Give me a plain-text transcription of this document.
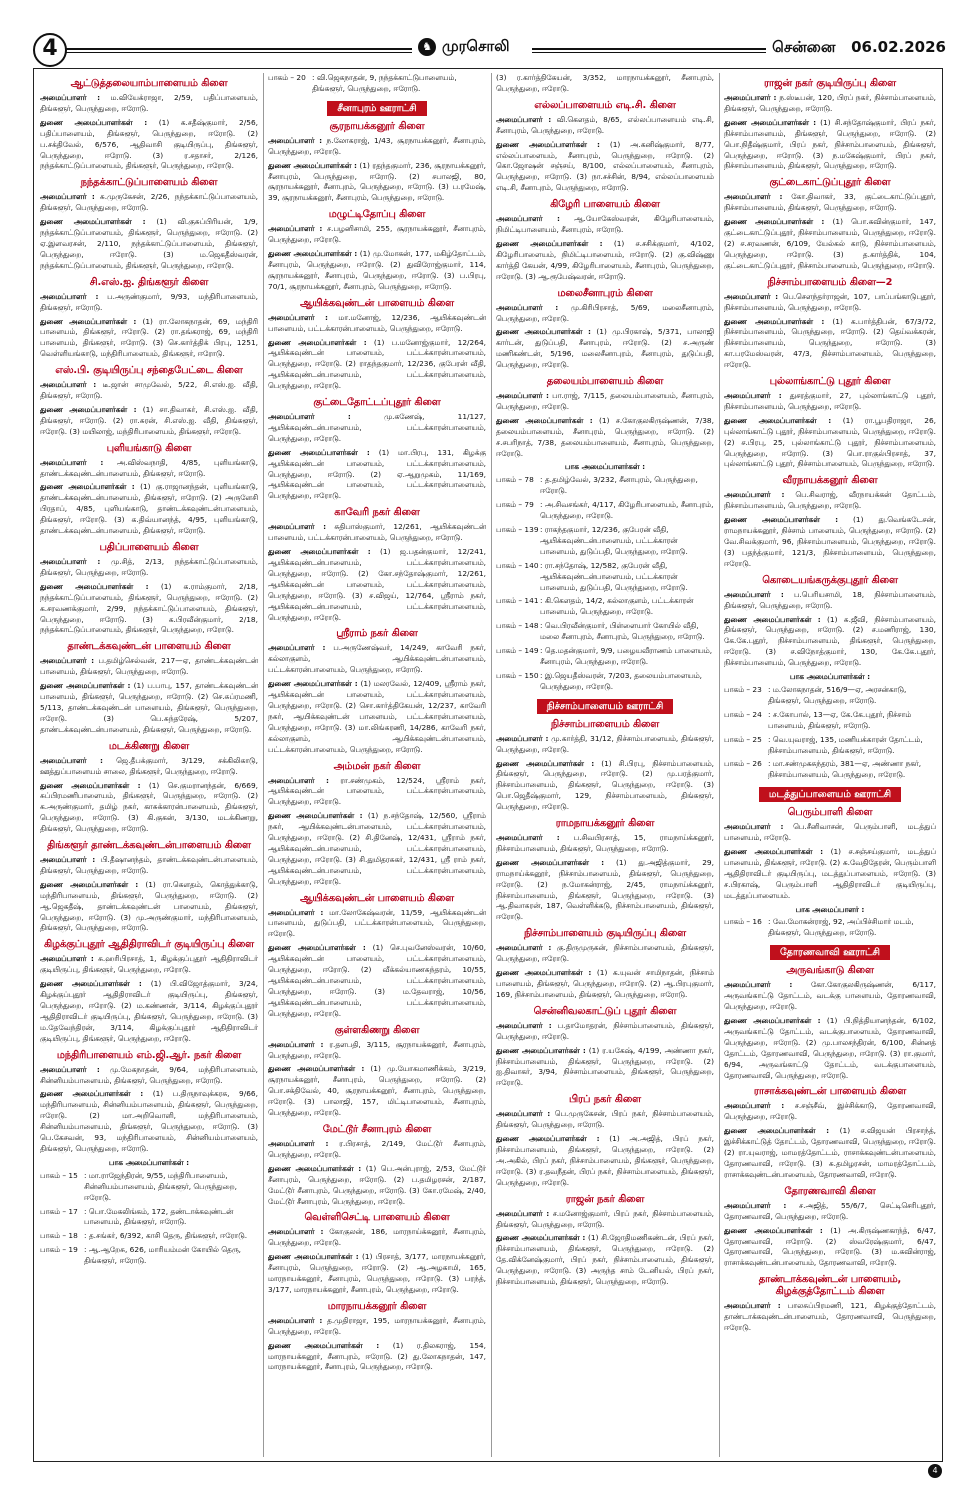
4	♞ முரசொலி	சென்னை 06.02.2026
ஆட்டுத்தலையாம்பாளையம் கிளை
அமைப்பாளர் : ம.வியேக்ராஜா, 2/59, பதிப்பாளையம், திங்களூர், பெருந்துறை, ஈரோடு.
துணை அமைப்பாளர்கள் : (1) க.சதீஷ்குமார், 2/56, பதிப்பாளையம், திங்களூர், பெருந்துறை, ஈரோடு. (2) ப.சக்திவேல், 6/576, ஆதிவாசி குடியிருப்பு, திங்களூர், பெருந்துறை, ஈரோடு. (3) ர.சதாசர், 2/126, நந்தக்காட்டுப்பாளையம், திங்களூர், பெருந்துறை, ஈரோடு.
நந்தக்காட்டுப்பாளையம் கிளை
அமைப்பாளர் : சு.முருகேசன், 2/26, நந்தக்காட்டுப்பாளையம், திங்களூர், பெருந்துறை, ஈரோடு.
துணை அமைப்பாளர்கள் : (1) வி.குசுப்பிரியன், 1/9, நந்தக்காட்டுப்பாளையம், திங்களூர், பெருந்துறை, ஈரோடு. (2) ஏ.இளவரசன், 2/110, நந்தக்காட்டுப்பாளையம், திங்களூர், பெருந்துறை, ஈரோடு. (3) ம.ஜெகதீஸ்வரன், நந்தக்காட்டுப்பாளையம், திங்களூர், பெருந்துறை, ஈரோடு.
சி.எஸ்.ஐ. திங்களூர் கிளை
அமைப்பாளர் : ப.அருண்குமார், 9/93, மந்திரிபாளையம், திங்களூர், ஈரோடு.
துணை அமைப்பாளர்கள் : (1) ரா.லோகநாதன், 69, மந்திரி பாளையம், திங்களூர், ஈரோடு. (2) ரா.தங்கராஜ், 69, மந்திரி பாளையம், திங்களூர், ஈரோடு. (3) செ.கார்த்திக் பிரபு, 1251, வெள்ளியங்காடு, மந்திரிபாளையம், திங்களூர், ஈரோடு.
எஸ்.பி. குடியிருப்பு சந்தைபேட்டை கிளை
அமைப்பாளர் : டீ.ஜான் சாமுவேல், 5/22, சி.எஸ்.ஐ. வீதி, திங்களூர், ஈரோடு.
துணை அமைப்பாளர்கள் : (1) சா.திவாகர், சி.எஸ்.ஐ. வீதி, திங்களூர், ஈரோடு. (2) ரா.சுரன், சி.எஸ்.ஐ. வீதி, திங்களூர், ஈரோடு. (3) மயிலாஜ், மந்திரிபாளையம், திங்களூர், ஈரோடு.
புளியங்காடு கிளை
அமைப்பாளர் : அ.விஸ்வநாதி, 4/85, புளியங்காடு, தாண்டக்கவுண்டன்பாளையம், திங்களூர், ஈரோடு.
துணை அமைப்பாளர்கள் : (1) கு.ராஜானந்தன், புளியங்காடு, தாண்டக்கவுண்டன்பாளையம், திங்களூர், ஈரோடு. (2) அருளேசி பிரதாப், 4/85, புளியங்காடு, தாண்டக்கவுண்டன்பாளையம், திங்களூர், ஈரோடு. (3) க.திவ்யானந்த், 4/95, புளியங்காடு, தாண்டக்கவுண்டன்பாளையம், திங்களூர், ஈரோடு.
பதிப்பாளையம் கிளை
அமைப்பாளர் : மு.சித், 2/13, நந்தக்காட்டுப்பாளையம், திங்களூர், பெருந்துறை, ஈரோடு.
துணை அமைப்பாளர்கள் : (1) க.ராம்குமார், 2/18, நந்தக்காட்டுப்பாளையம், திங்களூர், பெருந்துறை, ஈரோடு. (2) க.சரவணக்குமார், 2/99, நந்தக்காட்டுப்பாளையம், திங்களூர், பெருந்துறை, ஈரோடு. (3) க.பிரவீன்குமார், 2/18, நந்தக்காட்டுப்பாளையம், திங்களூர், பெருந்துறை, ஈரோடு.
தாண்டக்கவுண்டன் பாளையம் கிளை
அமைப்பாளர் : ப.தமிழ்செல்வன், 217—ஏ, தாண்டக்கவுண்டன் பாளையம், திங்களூர், பெருந்துறை, ஈரோடு.
துணை அமைப்பாளர்கள் : (1) ப.பாபு, 157, தாண்டக்கவுண்டன் பாளையம், திங்களூர், பெருந்துறை, ஈரோடு. (2) செ.சுப்ரமணி, 5/113, தாண்டக்கவுண்டன் பாளையம், திங்களூர், பெருந்துறை, ஈரோடு. (3) பெ.சுந்தரேஷ், 5/207, தாண்டக்கவுண்டன்பாளையம், திங்களூர், பெருந்துறை, ஈரோடு.
மடக்கிணறு கிளை
அமைப்பாளர் : ஜெ.தீபக்குமார், 3/129, சக்கிலிகாடு, ஊத்துப்பாளையம் சாலை, திங்களூர், பெருந்துறை, ஈரோடு.
துணை அமைப்பாளர்கள் : (1) செ.குமரானந்தன், 6/669, சுப்பிரமணிபாளையம், திங்களூர், பெருந்துறை, ஈரோடு. (2) க.அருண்குமார், தமிழ் நகர், காசுக்காரன்பாளையம், திங்களூர், பெருந்துறை, ஈரோடு. (3) கி.குகன், 3/130, மடக்கிணறு, திங்களூர், பெருந்துறை, ஈரோடு.
திங்களூர் தாண்டக்கவுண்டன்பாளையம் கிளை
அமைப்பாளர் : பி.தீஷானந்தம், தாண்டக்கவுண்டன்பாளையம், திங்களூர், பெருந்துறை, ஈரோடு.
துணை அமைப்பாளர்கள் : (1) ரா.கௌதம், கொத்துக்காடு, மந்திரிபாளையம், திங்களூர், பெருந்துறை, ஈரோடு. (2) ஆ.ஜெகதீஷ், தாண்டக்கவுண்டன் பாளையம், திங்களூர், பெருந்துறை, ஈரோடு. (3) மு.அருண்குமார், மந்திரிபாளையம், திங்களூர், பெருந்துறை, ஈரோடு.
கிழக்குப்புதூர் ஆதிதிராவிடர் குடியிருப்பு கிளை
அமைப்பாளர் : சு.ஹரிபிரசாத், 1, கிழக்குப்புதூர் ஆதிதிராவிடர் குடியிருப்பு, திங்களூர், பெருந்துறை, ஈரோடு.
துணை அமைப்பாளர்கள் : (1) பி.விஜோத்குமார், 3/24, கிழக்குப்புதூர் ஆதிதிராவிடர் குடியிருப்பு, திங்களூர், பெருந்துறை, ஈரோடு. (2) ம.கண்ணன், 3/114, கிழக்குப்புதூர் ஆதிதிராவிடர் குடியிருப்பு, திங்களூர், பெருந்துறை, ஈரோடு. (3) ம.தேவேந்திரன், 3/114, கிழக்குப்புதூர் ஆதிதிராவிடர் குடியிருப்பு, திங்களூர், பெருந்துறை, ஈரோடு.
மந்திரிபாளையம் எம்.ஜி.ஆர். நகர் கிளை
அமைப்பாளர் : மு.மேகநாதன், 9/64, மந்திரிபாளையம், சின்னியம்பாளையம், திங்களூர், பெருந்துறை, ஈரோடு.
துணை அமைப்பாளர்கள் : (1) ப.திருநாவுக்கரசு, 9/66, மந்திரிபாளையம், சின்னியம்பாளையம், திங்களூர், பெருந்துறை, ஈரோடு. (2) மா.அறிவொளி, மந்திரிபாளையம், சின்னியம்பாளையம், திங்களூர், பெருந்துறை, ஈரோடு. (3) பெ.கேசவன், 93, மந்திரிபாளையம், சின்னியம்பாளையம், திங்களூர், பெருந்துறை, ஈரோடு.
பாக அமைப்பாளர்கள் :
பாகம் – 15 : மா.ராஜேந்திரன், 9/55, மந்திரிபாளையம், சின்னியம்பாளையம், திங்களூர், பெருந்துறை, ஈரோடு.
பாகம் – 17 : பொ.மேகலிங்கம், 172, தண்டாக்கவுண்டன் பாளையம், திங்களூர், ஈரோடு.
பாகம் – 18 : த.சங்கர், 6/392, காசி தெரு, திங்களூர், ஈரோடு.
பாகம் – 19 : ஆ.ஆறேசு, 626, மாரியம்மன் கோயில் தெரு, திங்களூர், ஈரோடு.
பாகம் – 20 : வி.ஜெகநாதன், 9, நந்தக்காட்டுபாளையம், திங்களூர், பெருந்துறை, ஈரோடு.
சீனாபுரம் ஊராட்சி
சூரநாயக்கனூர் கிளை
அமைப்பாளர் : ந.லோகராஜ், 1/43, சூரநாயக்கனூர், சீனாபுரம், பெருந்துறை, ஈரோடு.
துணை அமைப்பாளர்கள் : (1) ரதந்தகுமார், 236, சூரநாயக்கனூர், சீனாபுரம், பெருந்துறை, ஈரோடு. (2) சபாலஜி, 80, சூரநாயக்கனூர், சீனாபுரம், பெருந்துறை, ஈரோடு. (3) ப.ரமேஷ், 39, சூரநாயக்கனூர், சீனாபுரம், பெருந்துறை, ஈரோடு.
மழுட்டிதோப்பு கிளை
அமைப்பாளர் : ச.பழனிசாமி, 255, சூரநாயக்கனூர், சீனாபுரம், பெருந்துறை, ஈரோடு.
துணை அமைப்பாளர்கள் : (1) மு.மோகன், 177, மகிழ்தோட்டம், சீனாபுரம், பெருந்துறை, ஈரோடு. (2) துவிரோஜ்குமார், 114, சூரநாயக்கனூர், சீனாபுரம், பெருந்துறை, ஈரோடு. (3) ப.பிரபு, 70/1, சூரநாயக்கனூர், சீனாபுரம், பெருந்துறை, ஈரோடு.
ஆயிக்கவுண்டன் பாளையம் கிளை
அமைப்பாளர் : மா.மனோஜ், 12/236, ஆயிக்கவுண்டன் பாளையம், பட்டக்காரன்பாளையம், பெருந்துறை, ஈரோடு.
துணை அமைப்பாளர்கள் : (1) ப.மனோஜ்குமார், 12/264, ஆயிக்கவுண்டன் பாளையம், பட்டக்காரன்பாளையம், பெருந்துறை, ஈரோடு. (2) ராதந்தகுமார், 12/236, குபேரன் வீதி, ஆயிக்கவுண்டன்பாளையம், பட்டக்காரன்பாளையம், பெருந்துறை, ஈரோடு.
குட்டைதோட்டப்புதூர் கிளை
அமைப்பாளர் :	மு.கணேஷ், 11/127, ஆயிக்கவுண்டன்பாளையம், பட்டக்காரன்பாளையம், பெருந்துறை, ஈரோடு.
துணை அமைப்பாளர்கள் : (1) மா.பிரபு, 131, கிழக்கு ஆயிக்கவுண்டன் பாளையம், பட்டக்காரன்பாளையம், பெருந்துறை, ஈரோடு. (2) ஏ.ஆறுமுகம், 11/169, ஆயிக்கவுண்டன் பாளையம், பட்டக்காரன்பாளையம், பெருந்துறை, ஈரோடு.
காவேரி நகர் கிளை
அமைப்பாளர் : சுதிபாஸ்குமார், 12/261, ஆயிக்கவுண்டன் பாளையம், பட்டக்காரன்பாளையம், பெருந்துறை, ஈரோடு.
துணை அமைப்பாளர்கள் : (1) ஜ.பதன்குமார், 12/241, ஆயிக்கவுண்டன்பாளையம், பட்டக்காரன்பாளையம், பெருந்துறை, ஈரோடு. (2) கோ.சந்தோஷ்குமார், 12/261, ஆயிக்கவுண்டன் பாளையம், பட்டக்காரன்பாளையம், பெருந்துறை, ஈரோடு. (3) ச.விஜய், 12/764, ஸ்ரீராம் நகர், ஆயிக்கவுண்டன்பாளையம், பட்டக்காரன்பாளையம், பெருந்துறை, ஈரோடு.
ஸ்ரீராம் நகர் கிளை
அமைப்பாளர் : ப.அருணேஷ்வர், 14/249, காவேரி நகர், கல்லாகுளம், ஆயிக்கவுண்டன்பாளையம், பட்டக்காரன்பாளையம், பெருந்துறை, ஈரோடு.
துணை அமைப்பாளர்கள் : (1) மலரவேல், 12/409, ஸ்ரீராம் நகர், ஆயிக்கவுண்டன் பாளையம், பட்டக்காரன்பாளையம், பெருந்துறை, ஈரோடு. (2) சொ.கார்த்திகேயன், 12/237, காவேரி நகர், ஆயிக்கவுண்டன் பாளையம், பட்டக்காரன்பாளையம், பெருந்துறை, ஈரோடு. (3) மா.லிங்கரணி, 14/286, காவேரி நகர், கல்லாகுளம், ஆயிக்கவுண்டன்பாளையம், பட்டக்காரன்பாளையம், பெருந்துறை, ஈரோடு.
அம்மன் நகர் கிளை
அமைப்பாளர் : ரா.சண்முகம், 12/524, ஸ்ரீராம் நகர், ஆயிக்கவுண்டன் பாளையம், பட்டக்காரன்பாளையம், பெருந்துறை, ஈரோடு.
துணை அமைப்பாளர்கள் : (1) ந.சந்தோஷ், 12/560, ஸ்ரீராம் நகர், ஆயிக்கவுண்டன்பாளையம், பட்டக்காரன்பாளையம், பெருந்துறை, ஈரோடு. (2) சி.தினேஷ், 12/431, ஸ்ரீராம் நகர், ஆயிக்கவுண்டன்பாளையம், பட்டக்காரன்பாளையம், பெருந்துறை, ஈரோடு. (3) சி.துமிதரசுகர், 12/431, ஸ்ரீ ராம் நகர், ஆயிக்கவுண்டன்பாளையம், பட்டக்காரன்பாளையம், பெருந்துறை, ஈரோடு.
ஆயிக்கவுண்டன் பாளையம் கிளை
அமைப்பாளர் : மா.லோகேஷ்வரன், 11/59, ஆயிக்கவுண்டன் பாளையம், துடுப்பதி, பட்டக்காரன்பாளையம், பெருந்துறை, ஈரோடு.
துணை அமைப்பாளர்கள் : (1) செ.புவனேஸ்வரன், 10/60, ஆயிக்கவுண்டன் பாளையம், பட்டக்காரன்பாளையம், பெருந்துறை, ஈரோடு. (2) வீக்கல்யாணசுந்தரம், 10/55, ஆயிக்கவுண்டன்பாளையம், பட்டக்காரன்பாளையம், பெருந்துறை, ஈரோடு. (3) ம.தேவராஜ், 10/56, ஆயிக்கவுண்டன்பாளையம், பட்டக்காரன்பாளையம், பெருந்துறை, ஈரோடு.
குள்ளகிணறு கிளை
அமைப்பாளர் : ர.தளபதி, 3/115, சூரநாயக்கனூர், சீனாபுரம், பெருந்துறை, ஈரோடு.
துணை அமைப்பாளர்கள் : (1) மு.யோகமாணிக்கம், 3/219, சூரநாயக்கனூர், சீனாபுரம், பெருந்துறை, ஈரோடு. (2) பொ.சக்திவேல், 40, சூரநாயக்கனூர், சீனாபுரம், பெருந்துறை, ஈரோடு. (3) பாலாஜி, 157, மிட்டிபாளையம், சீனாபுரம், பெருந்துறை, ஈரோடு.
மேட்டூர் சீனாபுரம் கிளை
அமைப்பாளர் : ர.பிரசாத், 2/149, மேட்டூர் சீனாபுரம், பெருந்துறை, ஈரோடு.
துணை அமைப்பாளர்கள் : (1) பெ.அன்புராஜ், 2/53, மேட்டூர் சீனாபுரம், பெருந்துறை, ஈரோடு. (2) ப.தமிழரசன், 2/187, மேட்டூர் சீனாபுரம், பெருந்துறை, ஈரோடு. (3) கோ.ரமேஷ், 2/40, மேட்டூர் சீனாபுரம், பெருந்துறை, ஈரோடு.
வெள்ளிசெட்டி பாளையம் கிளை
அமைப்பாளர் : கோகுலன், 186, மாரநாய்க்கனூர், சீனாபுரம், பெருந்துறை, ஈரோடு.
துணை அமைப்பாளர்கள் : (1) பிரசாத், 3/177, மாரநாயக்கனூர், சீனாபுரம், பெருந்துறை, ஈரோடு. (2) ஆ.அழகாமி, 165, மாரநாயக்கனூர், சீனாபுரம், பெருந்துறை, ஈரோடு. (3) பரந்த், 3/177, மாரநாயக்கனூர், சீனாபுரம், பெருந்துறை, ஈரோடு.
மாரநாயக்கனூர் கிளை
அமைப்பாளர் : த.முதிராஜா, 195, மாரநாயக்கனூர், சீனாபுரம், பெருந்துறை, ஈரோடு.
துணை அமைப்பாளர்கள் : (1) ர.திலகராஜ், 154, மாரநாயக்கனூர், சீனாபுரம், ஈரோடு. (2) து.லோகநாதன், 147, மாரநாயக்கனூர், சீனாபுரம், பெருந்துறை, ஈரோடு.
(3) ர.கார்த்திகேயன், 3/352, மாரநாயக்கனூர், சீனாபுரம், பெருந்துறை, ஈரோடு.
எல்லப்பாளையம் எடி.சி. கிளை
அமைப்பாளர் : வி.கௌதம், 8/65, எல்லப்பாளையம் எடி.சி, சீனாபுரம், பெருந்துறை, ஈரோடு.
துணை அமைப்பாளர்கள் : (1) அ.கனிஷ்குமார், 8/77, எல்லப்பாளையம், சீனாபுரம், பெருந்துறை, ஈரோடு. (2) கொ.ஜோஷன் சஞ்சய், 8/100, எல்லப்பாளையம், சீனாபுரம், பெருந்துறை, ஈரோடு. (3) நா.சச்சின், 8/94, எல்லப்பாளையம் எடி.சி, சீனாபுரம், பெருந்துறை, ஈரோடு.
கிழேரி பாளையம் கிளை
அமைப்பாளர் : ஆ.யோகேஸ்வரன், கிழேரிபாளையம், நிமிட்டிபாளையம், சீனாபுரம், ஈரோடு.
துணை அமைப்பாளர்கள் : (1) ச.சசிக்குமார், 4/102, கிழேரிபாளையம், நிமிட்டிபாளையம், ஈரோடு. (2) கு.விஷ்ணு கார்த்தி கேயன், 4/99, கிழேரிபாளையம், சீனாபுரம், பெருந்துறை, ஈரோடு. (3) ஆ.ரூபேஷ்வரன், ஈரோடு.
மலைசீனாபுரம் கிளை
அமைப்பாளர் : மு.கிரிபிரசாத், 5/69, மலைசீனாபுரம், பெருந்துறை, ஈரோடு.
துணை அமைப்பாளர்கள் : (1) மு.பிரகாஷ், 5/371, பாலாஜி கார்டன், துடுப்பதி, சீனாபுரம், ஈரோடு. (2) ச.அருண் மணிகண்டன், 5/196, மலைசீனாபுரம், சீனாபுரம், துடுப்பதி, பெருந்துறை, ஈரோடு.
தலையம்பாளையம் கிளை
அமைப்பாளர் : பா.ராஜ், 7/115, தலையம்பாளையம், சீனாபுரம், பெருந்துறை, ஈரோடு.
துணை அமைப்பாளர்கள் : (1) ச.கோகுலகிருஷ்ணன், 7/38, தலையம்பாளையம், சீனாபுரம், பெருந்துறை, ஈரோடு. (2) ச.சபரிநாத், 7/38, தலையம்பாளையம், சீனாபுரம், பெருந்துறை, ஈரோடு.
பாக அமைப்பாளர்கள் :
பாகம் – 78 : த.தமிழ்வேல், 3/232, சீனாபுரம், பெருந்துறை, ஈரோடு.
பாகம் – 79 : அ.சிவசங்கர், 4/117, கிழேரிபாளையம், சீனாபுரம், பெருந்துறை, ஈரோடு.
பாகம் – 139 : ராகந்தகுமார், 12/236, குபேரன் வீதி, ஆயிக்கவுண்டன்பாளையம், பட்டக்காரன் பாளையம், துடுப்பதி, பெருந்துறை, ஈரோடு.
பாகம் – 140 : ரா.சந்தோஷ், 12/582, குபேரன் வீதி, ஆயிக்கவுண்டன்பாளையம், பட்டக்காரன் பாளையம், துடுப்பதி, பெருந்துறை, ஈரோடு.
பாகம் – 141 : கி.கௌதம், 14/2, கல்லாகுளம், பட்டக்காரன் பாளையம், பெருந்துறை, ஈரோடு.
பாகம் – 148 : வெ.பிரவீன்குமார், பிள்ளையார் கோயில் வீதி, மலை சீனாபுரம், சீனாபுரம், பெருந்துறை, ஈரோடு.
பாகம் – 149 : தெ.மதன்குமார், 9/9, பழையவீராணம் பாளையம், சீனாபுரம், பெருந்துறை, ஈரோடு.
பாகம் – 150 : இ.ஜெயதீஸ்வரன், 7/203, தலையம்பாளையம், பெருந்துறை, ஈரோடு.
நிச்சாம்பாளையம் ஊராட்சி
நிச்சாம்பாளையம் கிளை
அமைப்பாளர் : மு.கார்த்தி, 31/12, நிச்சாம்பாளையம், திங்களூர், பெருந்துறை, ஈரோடு.
துணை அமைப்பாளர்கள் : (1) சி.பிரபு, நிச்சாம்பாளையம், திங்களூர், பெருந்துறை, ஈரோடு. (2) மு.பரத்குமார், நிச்சாம்பாளையம், திங்களூர், பெருந்துறை, ஈரோடு. (3) பொ.ஜெதீஷ்குமார், 129, நிச்சாம்பாளையம், திங்களூர், பெருந்துறை, ஈரோடு.
ராமநாயக்கனூர் கிளை
அமைப்பாளர் : ப.சிவபிரசாத், 15, ராமநாய்க்கனூர், நிச்சாம்பாளையம், திங்களூர், பெருந்துறை, ஈரோடு.
துணை அமைப்பாளர்கள் : (1) து.அஜித்குமார், 29, ராமநாய்க்கனூர், நிச்சாம்பாளையம், திங்களூர், பெருந்துறை, ஈரோடு. (2) ந.மோகன்ராஜ், 2/45, ராமநாய்க்கனூர், நிச்சாம்பாளையம், திங்களூர், பெருந்துறை, ஈரோடு. (3) ஆ.திவாகரன், 187, வெள்ளிக்கடு, நிச்சாம்பாளையம், திங்களூர், ஈரோடு.
நிச்சாம்பாளையம் குடியிருப்பு கிளை
அமைப்பாளர் : கு.திருமுருகன், நிச்சாம்பாளையம், திங்களூர், பெருந்துறை, ஈரோடு.
துணை அமைப்பாளர்கள் : (1) க.யுவன் சாமிநாதன், நிச்சாம் பாளையம், திங்களூர், பெருந்துறை, ஈரோடு. (2) ஆ.பிரபுகுமார், 169, நிச்சாம்பாளையம், திங்களூர், பெருந்துறை, ஈரோடு.
சென்னிவலகாட்டுப் புதூர் கிளை
அமைப்பாளர் : ப.தாமோதரன், நிச்சாம்பாளையம், திங்களூர், பெருந்துறை, ஈரோடு.
துணை அமைப்பாளர்கள் : (1) ர.யகேஷ், 4/199, அண்ணா நகர், நிச்சாம்பாளையம், திங்களூர், பெருந்துறை, ஈரோடு. (2) ஐ.திவாகர், 3/94, நிச்சாம்பாளையம், திங்களூர், பெருந்துறை, ஈரோடு.
பிரப் நகர் கிளை
அமைப்பாளர் : பெ.முருகேசன், பிரப் நகர், நிச்சாம்பாளையம், திங்களூர், பெருந்துறை, ஈரோடு.
துணை அமைப்பாளர்கள் : (1) அ.அஜித், பிரப் நகர், நிச்சாம்பாளையம், திங்களூர், பெருந்துறை, ஈரோடு. (2) அ.அகில், பிரப் நகர், நிச்சாம்பாளையம், திங்களூர், பெருந்துறை, ஈரோடு. (3) ர.தவநீதன், பிரப் நகர், நிச்சாம்பாளையம், திங்களூர், பெருந்துறை, ஈரோடு.
ராஜன் நகர் கிளை
அமைப்பாளர் : ச.மனோஜ்குமார், பிரப் நகர், நிச்சாம்பாளையம், திங்களூர், பெருந்துறை, ஈரோடு.
துணை அமைப்பாளர்கள் : (1) சி.ஜோதிமணிகண்டன், பிரப் நகர், நிச்சாம்பாளையம், திங்களூர், பெருந்துறை, ஈரோடு. (2) தே.விக்னேஷ்குமார், பிரப் நகர், நிச்சாம்பாளையம், திங்களூர், பெருந்துறை, ஈரோடு. (3) அருந்த சாம் டேனியல், பிரப் நகர், நிச்சாம்பாளையம், திங்களூர், பெருந்துறை, ஈரோடு.
ராஜன் நகர் குடியிருப்பு கிளை
அமைப்பாளர் : ந.ஸ்டீபன், 120, பிரப் நகர், நிச்சாம்பாளையம், திங்களூர், பெருந்துறை, ஈரோடு.
துணை அமைப்பாளர்கள் : (1) சி.சந்தோஷ்குமார், பிரப் நகர், நிச்சாம்பாளையம், திங்களூர், பெருந்துறை, ஈரோடு. (2) பொ.நிதீஷ்குமார், பிரப் நகர், நிச்சாம்பாளையம், திங்களூர், பெருந்துறை, ஈரோடு. (3) ந.மகேஷ்குமார், பிரப் நகர், நிச்சாம்பாளையம், திங்களூர், பெருந்துறை, ஈரோடு.
குட்டைகாட்டுப்புதூர் கிளை
அமைப்பாளர் : கோ.திவாகர், 33, குட்டைகாட்டுப்புதூர், நிச்சாம்பாளையம், திங்களூர், பெருந்துறை, ஈரோடு.
துணை அமைப்பாளர்கள் : (1) பொ.கவின்குமார், 147, குட்டைகாட்டுப்புதூர், நிச்சாம்பாளையம், பெருந்துறை, ஈரோடு. (2) ச.சரவணன், 6/109, யேல்கல் காடு, நிச்சாம்பாளையம், பெருந்துறை, ஈரோடு. (3) த.கார்த்திக், 104, குட்டைகாட்டுப்புதூர், நிச்சாம்பாளையம், பெருந்துறை, ஈரோடு.
நிச்சாம்பாளையம் கிளை—2
அமைப்பாளர் : பெ.செளந்தர்ராஜன், 107, பாப்பங்காடுபுதூர், நிச்சாம்பாளையம், பெருந்துறை, ஈரோடு.
துணை அமைப்பாளர்கள் : (1) க.பார்த்திபன், 67/3/72, நிச்சாம்பாளையம், பெருந்துறை, ஈரோடு. (2) தெய்வக்கரன், நிச்சாம்பாளையம், பெருந்துறை, ஈரோடு. (3) கா.பரமேஸ்வரன், 47/3, நிச்சாம்பாளையம், பெருந்துறை, ஈரோடு.
புல்லாங்காட்டு புதூர் கிளை
அமைப்பாளர் : துசரத்குமார், 27, புல்லாங்காட்டு புதூர், நிச்சாம்பாளையம், பெருந்துறை, ஈரோடு.
துணை அமைப்பாளர்கள் : (1) ரா.பூபதிராஜா, 26, புல்லாங்காட்டு புதூர், நிச்சாம்பாளையம், பெருந்துறை, ஈரோடு. (2) ச.பிரபு, 25, புல்லாங்காட்டு புதூர், நிச்சாம்பாளையம், பெருந்துறை, ஈரோடு. (3) பொ.ராகுல்பிரசாத், 37, புல்லாங்காட்டு புதூர், நிச்சாம்பாளையம், பெருந்துறை, ஈரோடு.
வீரநாயக்கனூர் கிளை
அமைப்பாளர் : பெ.சிவராஜ், வீரநாயக்கன் தோட்டம், நிச்சாம்பாளையம், பெருந்துறை, ஈரோடு.
துணை அமைப்பாளர்கள் : (1) து.வெங்கடேசன், ராமநாயக்கனூர், நிச்சாம் பாளையம், பெருந்துறை, ஈரோடு. (2) வே.சிவக்குமார், 96, நிச்சாம்பாளையம், பெருந்துறை, ஈரோடு. (3) பதந்த்குமார், 121/3, நிச்சாம்பாளையம், பெருந்துறை, ஈரோடு.
கொடையங்கருக்குபுதூர் கிளை
அமைப்பாளர் : ப.பெரியசாமி, 18, நிச்சாம்பாளையம், திங்களூர், பெருந்துறை, ஈரோடு.
துணை அமைப்பாளர்கள் : (1) சு.ஜீவி, நிச்சாம்பாளையம், திங்களூர், பெருந்துறை, ஈரோடு. (2) ச.மணிராஜ், 130, கே.கே.புதூர், நிச்சாம்பாளையம், திங்களூர், பெருந்துறை, ஈரோடு. (3) ச.விநோத்குமார், 130, கே.கே.புதூர், நிச்சாம்பாளையம், பெருந்துறை, ஈரோடு.
பாக அமைப்பாளர்கள் :
பாகம் – 23 : ம.லோகநாதன், 516/9—ஏ, அரசன்காடு, திங்களூர், பெருந்துறை, ஈரோடு.
பாகம் – 24 : ச.கோபால், 13—ஏ, கே.கே.புதூர், நிச்சாம் பாளையம், திங்களூர், ஈரோடு.
பாகம் – 25 : வெ.யுவராஜ், 135, மணியக்காரன் தோட்டம், நிச்சாம்பாளையம், திங்களூர், ஈரோடு.
பாகம் – 26 : மா.சண்முகசுந்தரம், 381—ஏ, அண்ணா நகர், நிச்சாம்பாளையம், பெருந்துறை, ஈரோடு.
மடத்துப்பாளையம் ஊராட்சி
பெரும்பாளி கிளை
அமைப்பாளர் : பெ.சீனிவாசன், பெரும்பாளி, மடத்துப் பாளையம், ஈரோடு.
துணை அமைப்பாளர்கள் : (1) ச.சஞ்சய்குமார், மடத்துப் பாளையம், திங்களூர், ஈரோடு. (2) சு.வேதிதேரன், பெரும்பாளி ஆதிதிராவிடர் குடியிருப்பு, மடத்துப்பாளையம், ஈரோடு. (3) ச.பிரகாஷ், பெரும்பாளி ஆதிதிராவிடர் குடியிருப்பு, மடத்துப்பாளையம்.
பாக அமைப்பாளர் :
பாகம் – 16 : வே.மோகன்ராஜ், 92, அப்பிச்சிமார் மடம், திங்களூர், பெருந்துறை, ஈரோடு.
தோரணவாவி ஊராட்சி
அருவங்காடு கிளை
அமைப்பாளர் :	கோ.கோகுலகிருஷ்ணன், 6/117, அருவங்காட்டு தோட்டம், வடக்கு பாளையம், தோரணவாவி, பெருந்துறை, ஈரோடு.
துணை அமைப்பாளர்கள் : (1) பி.நித்தியானந்தன், 6/102, அருவங்காட்டு தோட்டம், வடக்குபாளையம், தோரணவாவி, பெருந்துறை, ஈரோடு. (2) மு.பாலசந்திரன், 6/100, சின்னத் தோட்டம், தோரணவாவி, பெருந்துறை, ஈரோடு. (3) ரா.குமார், 6/94, அருவங்காட்டு தோட்டம், வடக்குபாளையம், தோரணவாவி, பெருந்துறை, ஈரோடு.
ராசாக்கவுண்டன் பாளையம் கிளை
அமைப்பாளர் : ச.சஞ்சீவ், இச்சிக்காடு, தோரணவாவி, பெருந்துறை, ஈரோடு.
துணை அமைப்பாளர்கள் : (1) ச.விஜயன் பிரசாந்த், இச்சிக்காட்டுத் தோட்டம், தோரணவாவி, பெருந்துறை, ஈரோடு. (2) ரா.யுவராஜ், மாமரத்தோட்டம், ராசாக்கவுண்டன்பாளையம், தோரணவாவி, ஈரோடு. (3) சு.தமிழரசன், மாமரத்தோட்டம், ராசாக்கவுண்டன்பாளையம், தோரணவாவி, ஈரோடு.
தோரணவாவி கிளை
அமைப்பாளர் : ச.அஜித், 55/6/7, செட்டிசெரிபுதூர், தோரணவாவி, பெருந்துறை, ஈரோடு.
துணை அமைப்பாளர்கள் : (1) அ.கிருஷ்ணகாந்த், 6/47, தோரணவாவி, ஈரோடு. (2) ஸ்வரேஷ்குமார், 6/47, தோரணவாவி, பெருந்துறை, ஈரோடு. (3) ம.கவின்ராஜ், ராசாக்கவுண்டன்பாளையம், தோரணவாவி, ஈரோடு.
தாண்டாக்கவுண்டன் பாளையம், கிழக்குத்தோட்டம் கிளை
அமைப்பாளர் : பாலசுப்பிரமணி, 121, கிழக்குத்தோட்டம், தாண்டாக்கவுண்டன்பாளையம், தோரணவாவி, பெருந்துறை, ஈரோடு.
4
